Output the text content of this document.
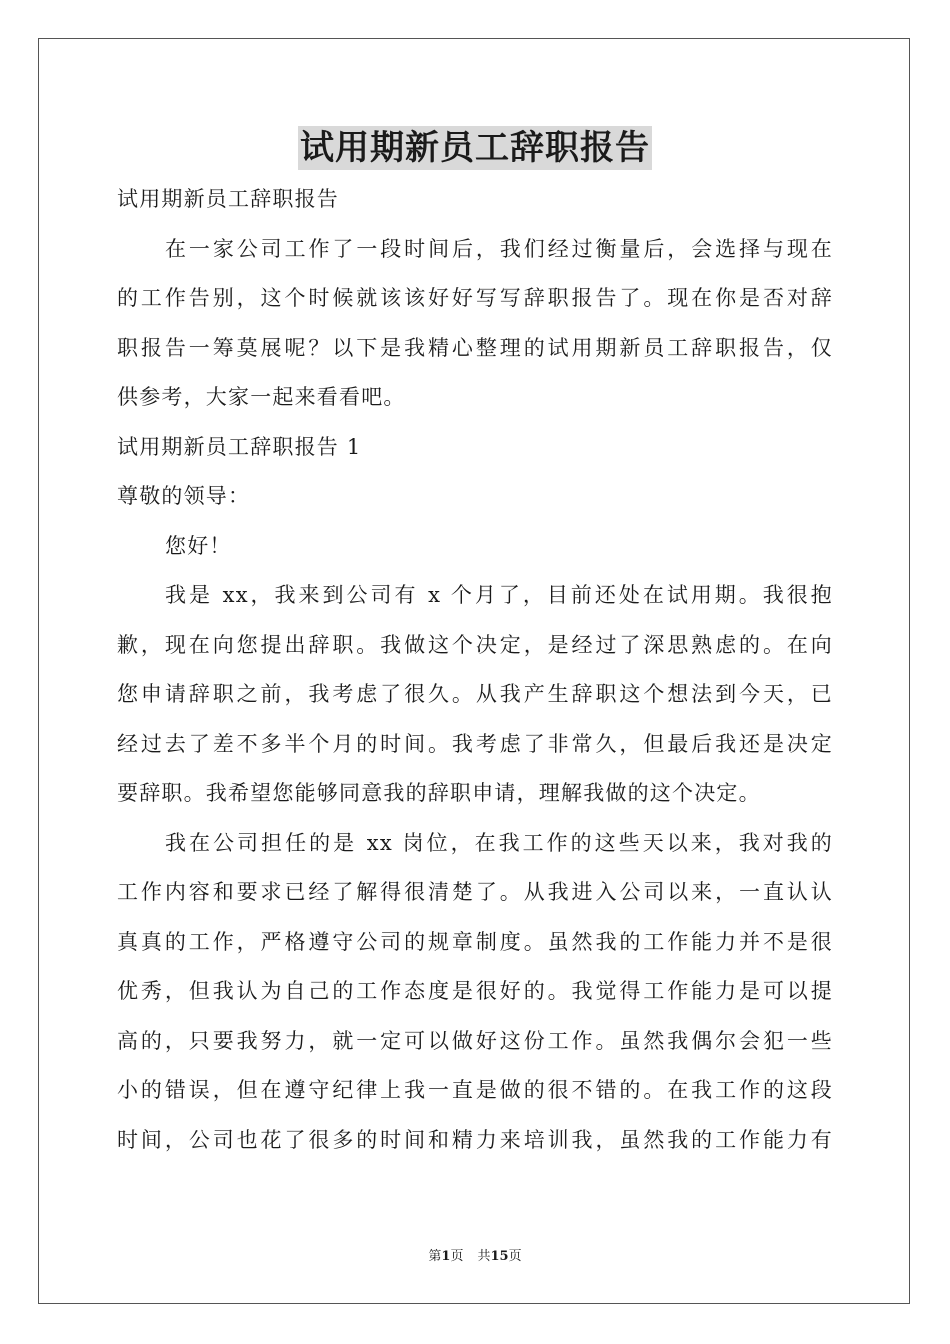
试用期新员工辞职报告
试用期新员工辞职报告
在一家公司工作了一段时间后，我们经过衡量后，会选择与现在
的工作告别，这个时候就该该好好写写辞职报告了。现在你是否对辞
职报告一筹莫展呢？以下是我精心整理的试用期新员工辞职报告，仅
供参考，大家一起来看看吧。
试用期新员工辞职报告 1
尊敬的领导：
您好！
我是 xx，我来到公司有 x 个月了，目前还处在试用期。我很抱
歉，现在向您提出辞职。我做这个决定，是经过了深思熟虑的。在向
您申请辞职之前，我考虑了很久。从我产生辞职这个想法到今天，已
经过去了差不多半个月的时间。我考虑了非常久，但最后我还是决定
要辞职。我希望您能够同意我的辞职申请，理解我做的这个决定。
我在公司担任的是 xx 岗位，在我工作的这些天以来，我对我的
工作内容和要求已经了解得很清楚了。从我进入公司以来，一直认认
真真的工作，严格遵守公司的规章制度。虽然我的工作能力并不是很
优秀，但我认为自己的工作态度是很好的。我觉得工作能力是可以提
高的，只要我努力，就一定可以做好这份工作。虽然我偶尔会犯一些
小的错误，但在遵守纪律上我一直是做的很不错的。在我工作的这段
时间，公司也花了很多的时间和精力来培训我，虽然我的工作能力有
第1页 共15页
